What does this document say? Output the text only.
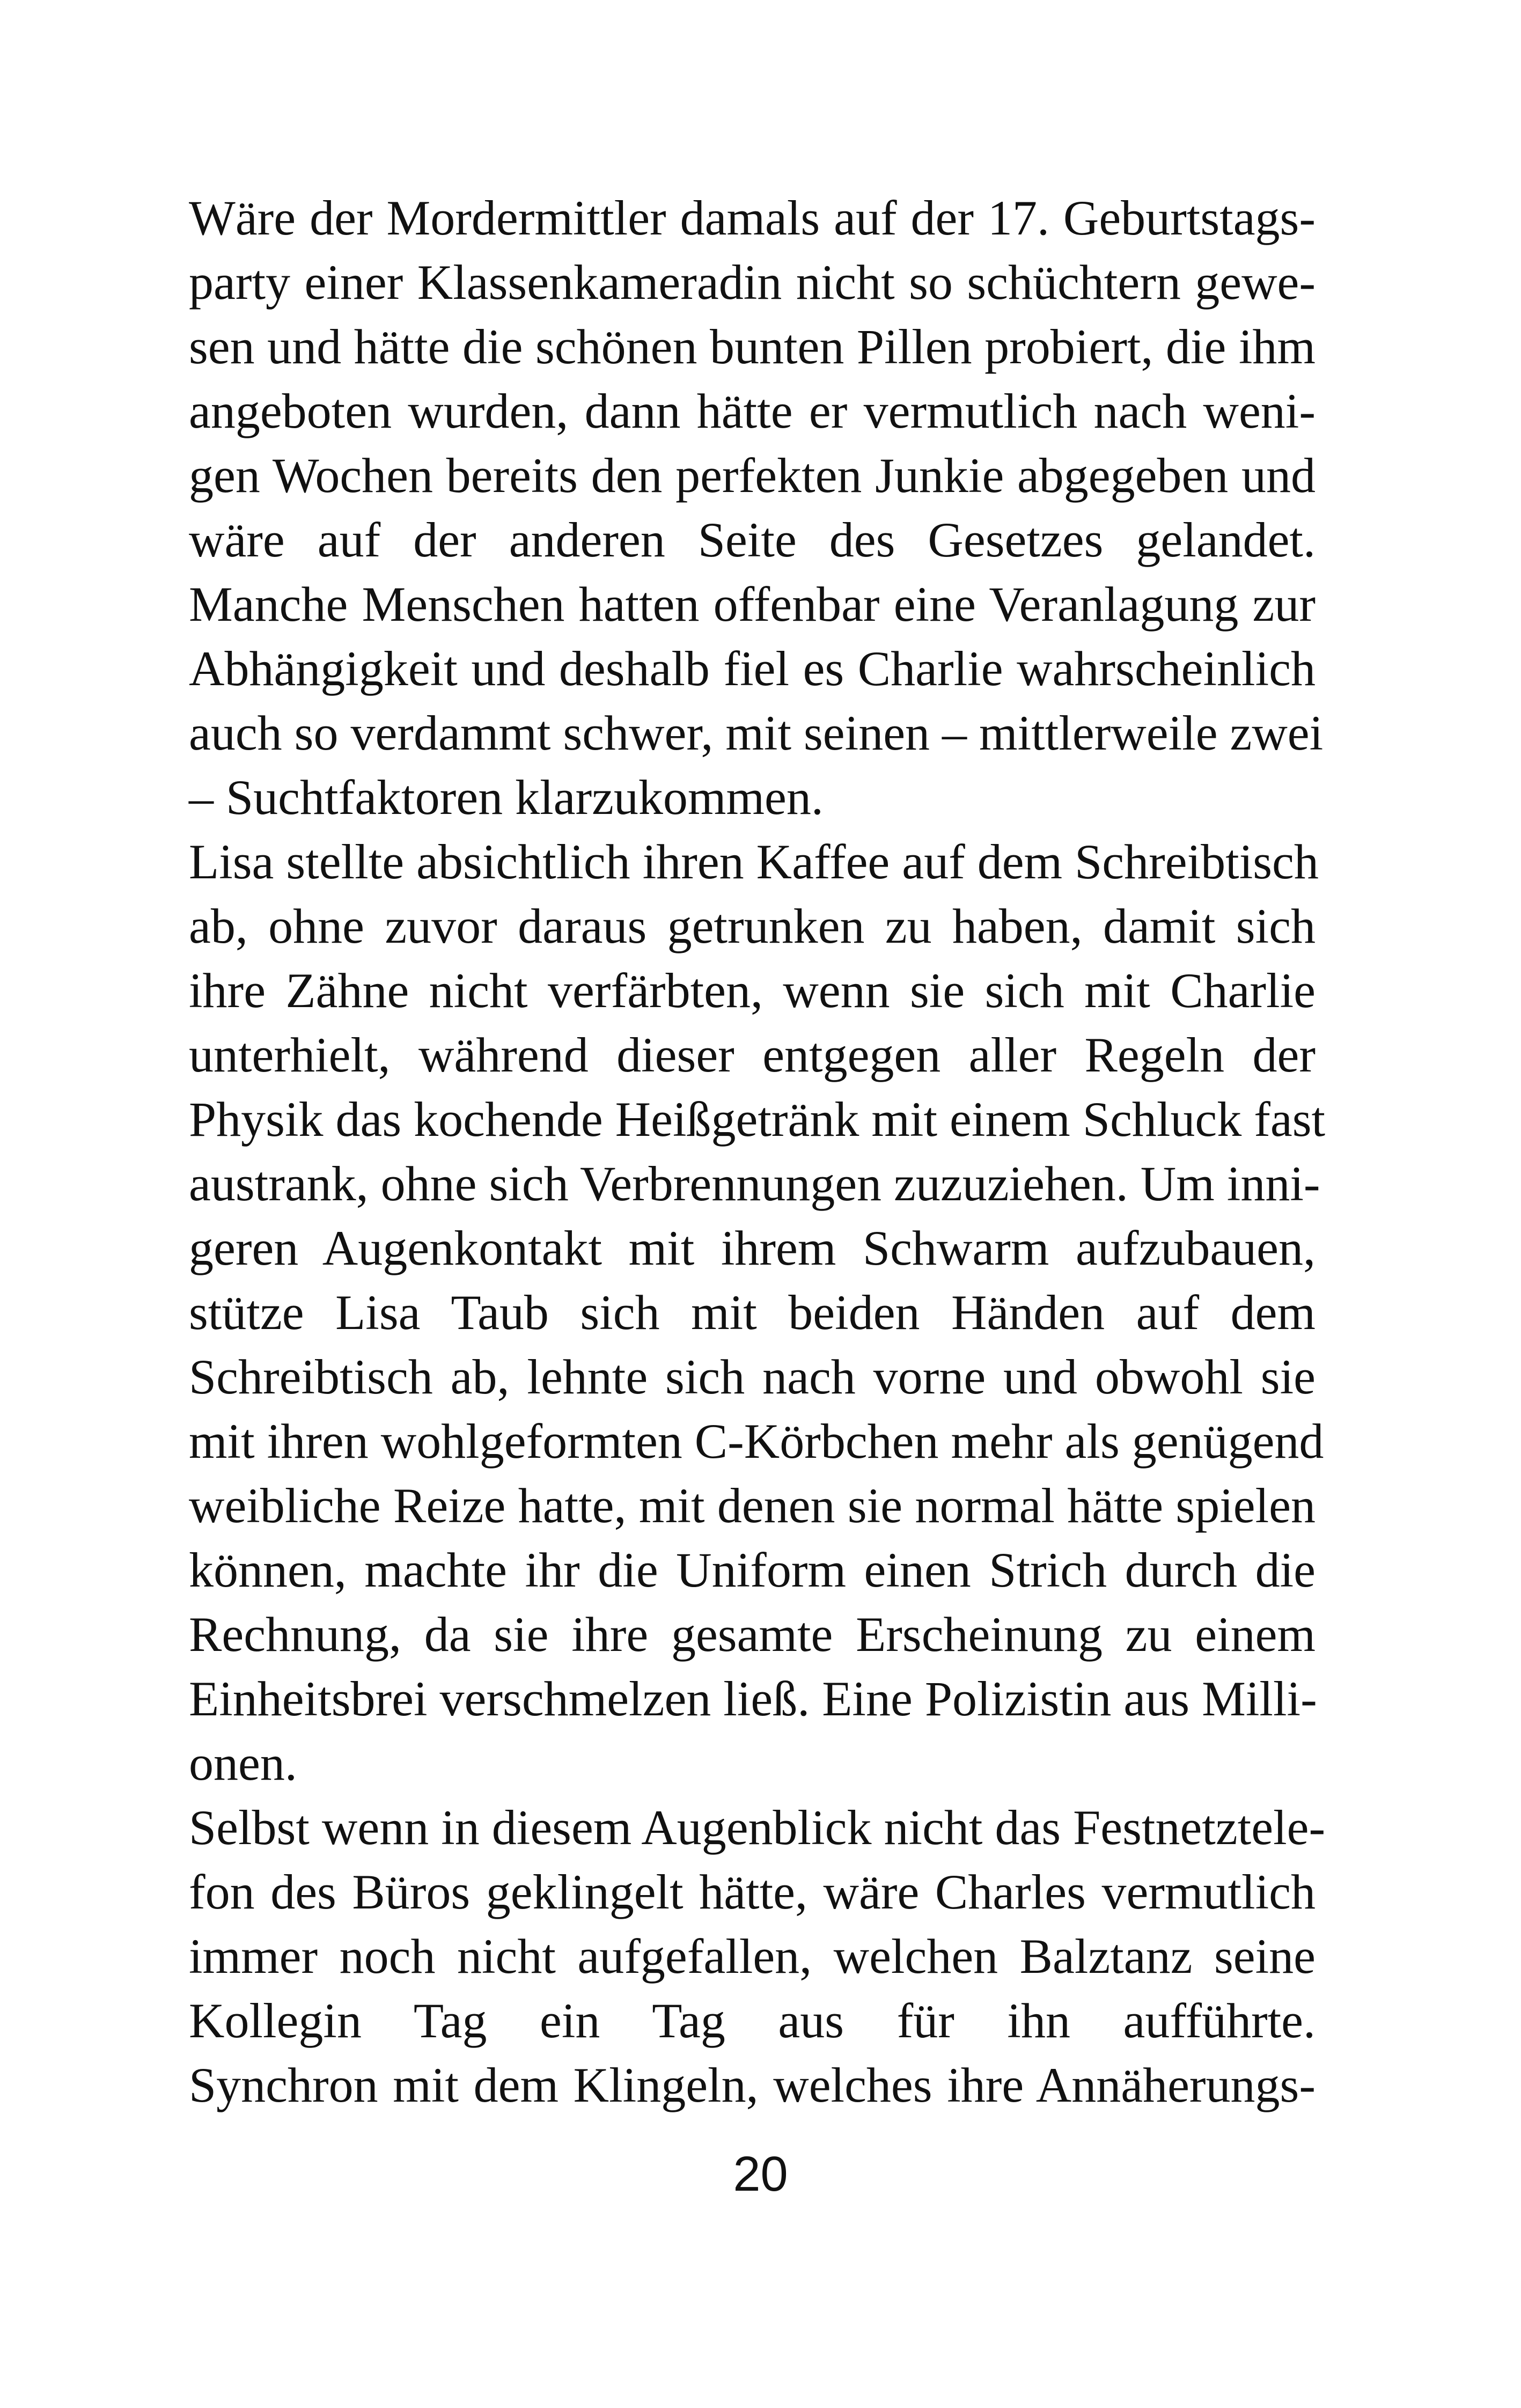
Wäre der Mordermittler damals auf der 17. Geburtstags-
party einer Klassenkameradin nicht so schüchtern gewe-
sen und hätte die schönen bunten Pillen probiert, die ihm
angeboten wurden, dann hätte er vermutlich nach weni-
gen Wochen bereits den perfekten Junkie abgegeben und
wäre auf der anderen Seite des Gesetzes gelandet.
Manche Menschen hatten offenbar eine Veranlagung zur
Abhängigkeit und deshalb fiel es Charlie wahrscheinlich
auch so verdammt schwer, mit seinen – mittlerweile zwei
– Suchtfaktoren klarzukommen.
Lisa stellte absichtlich ihren Kaffee auf dem Schreibtisch
ab, ohne zuvor daraus getrunken zu haben, damit sich
ihre Zähne nicht verfärbten, wenn sie sich mit Charlie
unterhielt, während dieser entgegen aller Regeln der
Physik das kochende Heißgetränk mit einem Schluck fast
austrank, ohne sich Verbrennungen zuzuziehen. Um inni-
geren Augenkontakt mit ihrem Schwarm aufzubauen,
stütze Lisa Taub sich mit beiden Händen auf dem
Schreibtisch ab, lehnte sich nach vorne und obwohl sie
mit ihren wohlgeformten C-Körbchen mehr als genügend
weibliche Reize hatte, mit denen sie normal hätte spielen
können, machte ihr die Uniform einen Strich durch die
Rechnung, da sie ihre gesamte Erscheinung zu einem
Einheitsbrei verschmelzen ließ. Eine Polizistin aus Milli-
onen.
Selbst wenn in diesem Augenblick nicht das Festnetztele-
fon des Büros geklingelt hätte, wäre Charles vermutlich
immer noch nicht aufgefallen, welchen Balztanz seine
Kollegin Tag ein Tag aus für ihn aufführte.
Synchron mit dem Klingeln, welches ihre Annäherungs-
20
